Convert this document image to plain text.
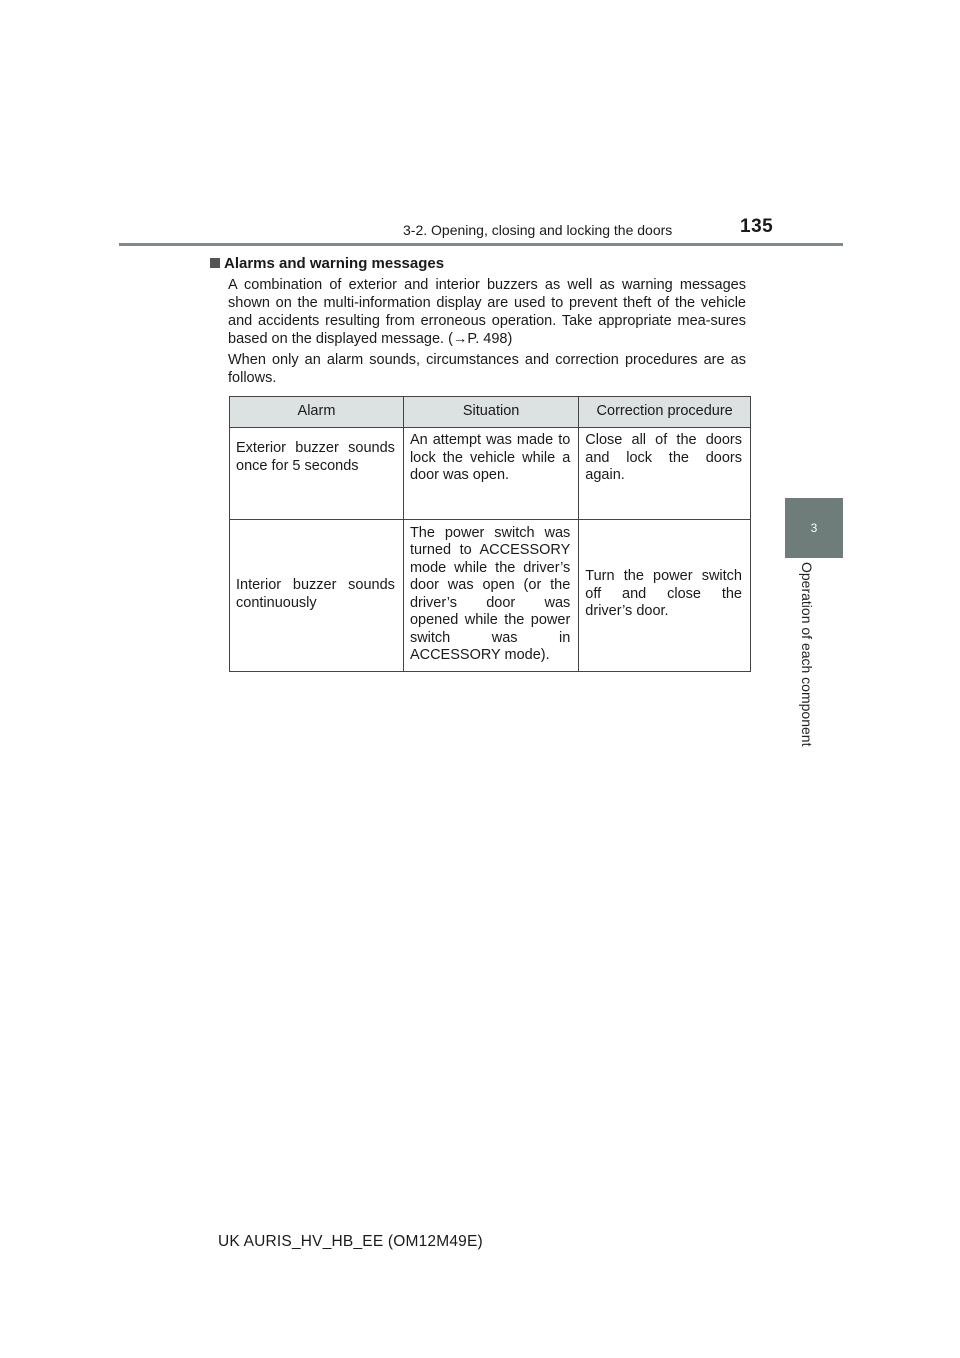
3-2. Opening, closing and locking the doors	135
3
Operation of each component
Alarms and warning messages
A combination of exterior and interior buzzers as well as warning messages shown on the multi-information display are used to prevent theft of the vehicle and accidents resulting from erroneous operation. Take appropriate mea-sures based on the displayed message. (→P. 498)
When only an alarm sounds, circumstances and correction procedures are as follows.
Alarm	Situation	Correction procedure
Exterior buzzer sounds once for 5 seconds	An attempt was made to lock the vehicle while a door was open.	Close all of the doors and lock the doors again.
Interior buzzer sounds continuously	The power switch was turned to ACCESSORY mode while the driver’s door was open (or the driver’s door was opened while the power switch was in ACCESSORY mode).	Turn the power switch off and close the driver’s door.
UK AURIS_HV_HB_EE (OM12M49E)
